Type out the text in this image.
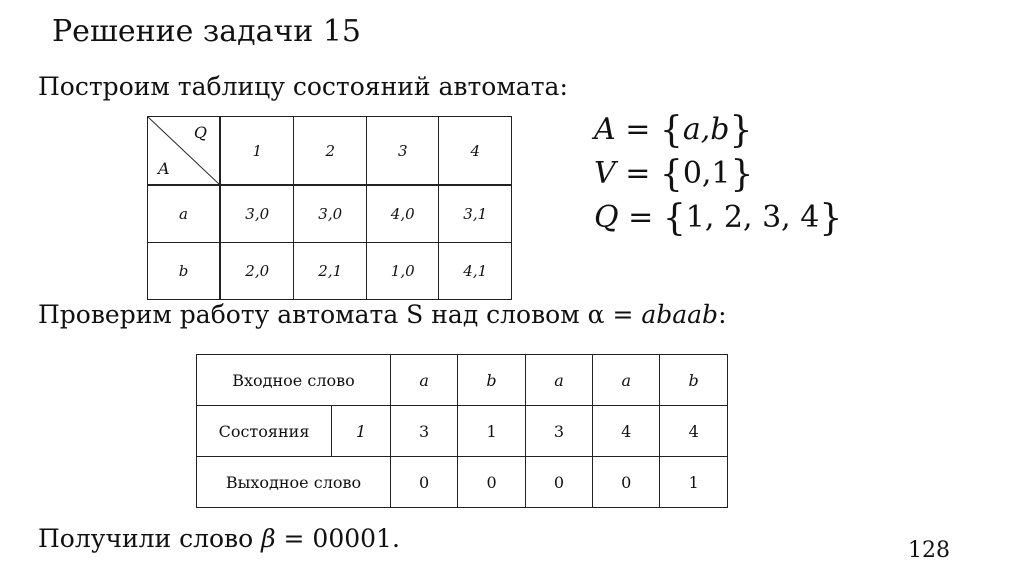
Решение задачи 15
Построим таблицу состояний автомата:
Q
A	1	2	3	4
a	3,0	3,0	4,0	3,1
b	2,0	2,1	1,0	4,1
A = {a,b}
V = {0,1}
Q = {1, 2, 3, 4}
Проверим работу автомата S над словом α = abaab:
Входное слово		a	b	a	a	b
Состояния	1	3	1	3	4	4
Выходное слово		0	0	0	0	1
Получили слово β = 00001.	128
